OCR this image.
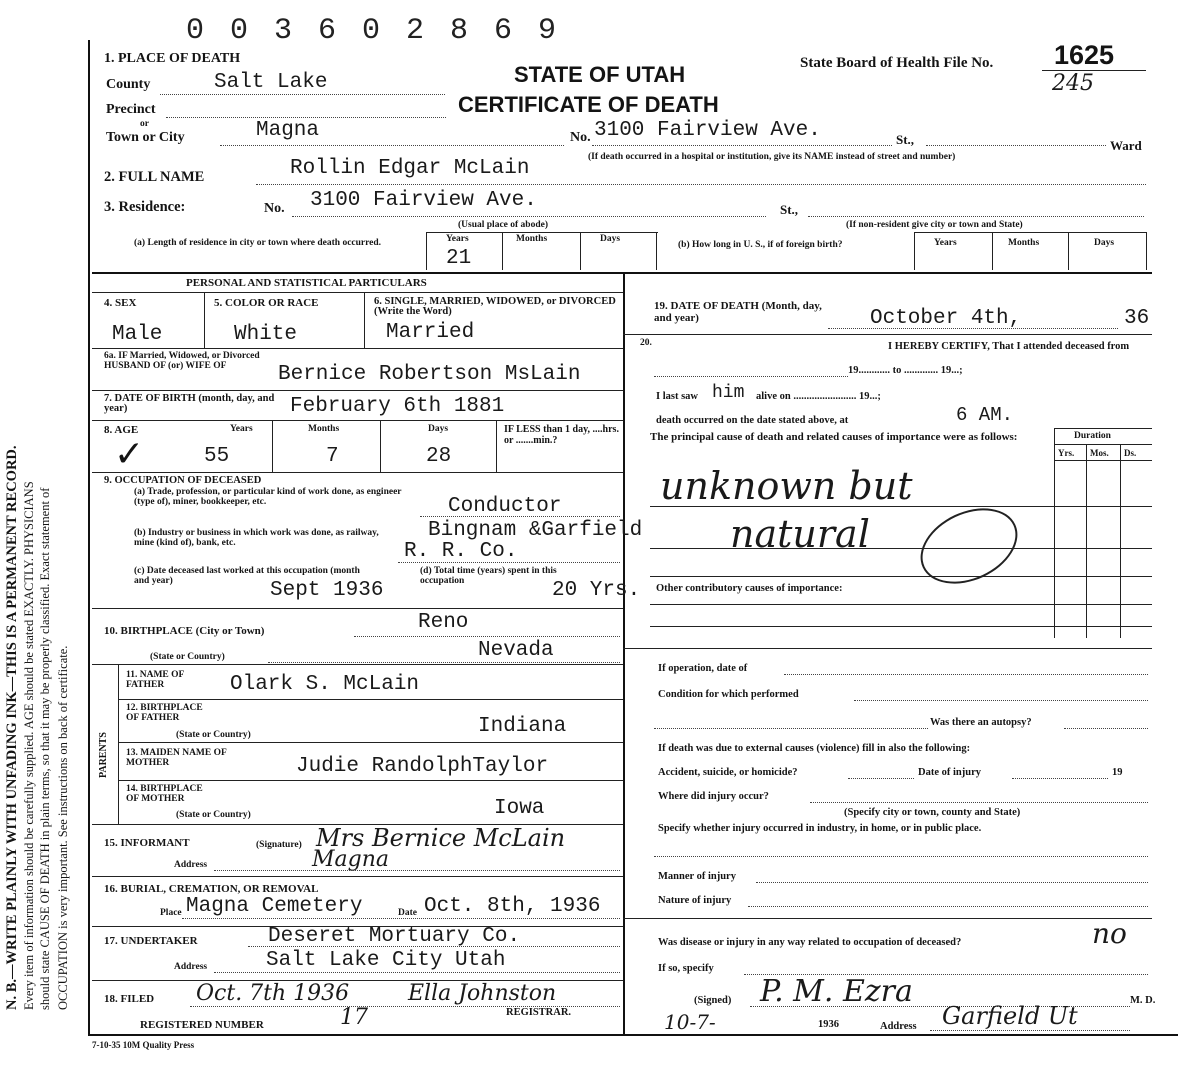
0 0 3 6 0 2 8 6 9
N. B.—WRITE PLAINLY WITH UNFADING INK—THIS IS A PERMANENT RECORD. Every item of information should be carefully supplied. AGE should be stated EXACTLY. PHYSICIANS should state CAUSE OF DEATH in plain terms, so that it may be properly classified. Exact statement of OCCUPATION is very important. See instructions on back of certificate.
1. PLACE OF DEATH
STATE OF UTAH
CERTIFICATE OF DEATH
State Board of Health File No. 1625
245
County	Salt Lake
Precinct
or
Town or City	Magna	No. 3100 Fairview Ave.	St.,	Ward
(If death occurred in a hospital or institution, give its NAME instead of street and number)
2. FULL NAME	Rollin Edgar McLain
3. Residence:	No. 3100 Fairview Ave.	St.,
(Usual place of abode)	(If non-resident give city or town and State)
(a) Length of residence in city or town where death occurred.	Years	Months	Days
21
(b) How long in U. S., if of foreign birth?	Years	Months	Days
PERSONAL AND STATISTICAL PARTICULARS
4. SEX
Male
5. COLOR OR RACE
White
6. SINGLE, MARRIED, WIDOWED, or DIVORCED (Write the Word)
Married
6a. IF Married, Widowed, or Divorced HUSBAND OF (or) WIFE OF	Bernice Robertson MsLain
7. DATE OF BIRTH (month, day, and year)	February 6th 1881
8. AGE	Years	Months	Days
✓	55	7	28
IF LESS than 1 day, ....hrs. or .......min.?
9. OCCUPATION OF DECEASED
(a) Trade, profession, or particular kind of work done, as engineer (type of), miner, bookkeeper, etc.	Conductor
(b) Industry or business in which work was done, as railway, mine (kind of), bank, etc.
Bingnam &Garfield
R. R. Co.
(c) Date deceased last worked at this occupation (month and year)	Sept 1936
(d) Total time (years) spent in this occupation	20 Yrs.
10. BIRTHPLACE (City or Town)	Reno
(State or Country)	Nevada
PARENTS
11. NAME OF FATHER	Olark S. McLain
12. BIRTHPLACE OF FATHER
(State or Country)	Indiana
13. MAIDEN NAME OF MOTHER	Judie RandolphTaylor
14. BIRTHPLACE OF MOTHER
(State or Country)	Iowa
15. INFORMANT	(Signature) Mrs Bernice McLain
Address	Magna
16. BURIAL, CREMATION, OR REMOVAL
Place Magna Cemetery	Date Oct. 8th, 1936
17. UNDERTAKER	Deseret Mortuary Co.
Address	Salt Lake City Utah
18. FILED Oct. 7th 1936	Ella Johnston
REGISTRAR.
REGISTERED NUMBER	17
7-10-35 10M Quality Press
19. DATE OF DEATH (Month, day, and year)	October 4th,	36
20.	I HEREBY CERTIFY, That I attended deceased from
19............ to ............. 19...;
I last saw him alive on ........................ 19...;
death occurred on the date stated above, at	6 AM.
The principal cause of death and related causes of importance were as follows:	Duration
Yrs. Mos. Ds.
unknown but
natural
Other contributory causes of importance:
If operation, date of
Condition for which performed
Was there an autopsy?
If death was due to external causes (violence) fill in also the following:
Accident, suicide, or homicide?	Date of injury	19
Where did injury occur?
(Specify city or town, county and State)
Specify whether injury occurred in industry, in home, or in public place.
Manner of injury
Nature of injury
Was disease or injury in any way related to occupation of deceased?	no
If so, specify
(Signed) P. M. Ezra	M. D.
10-7-	1936	Address Garfield Ut
